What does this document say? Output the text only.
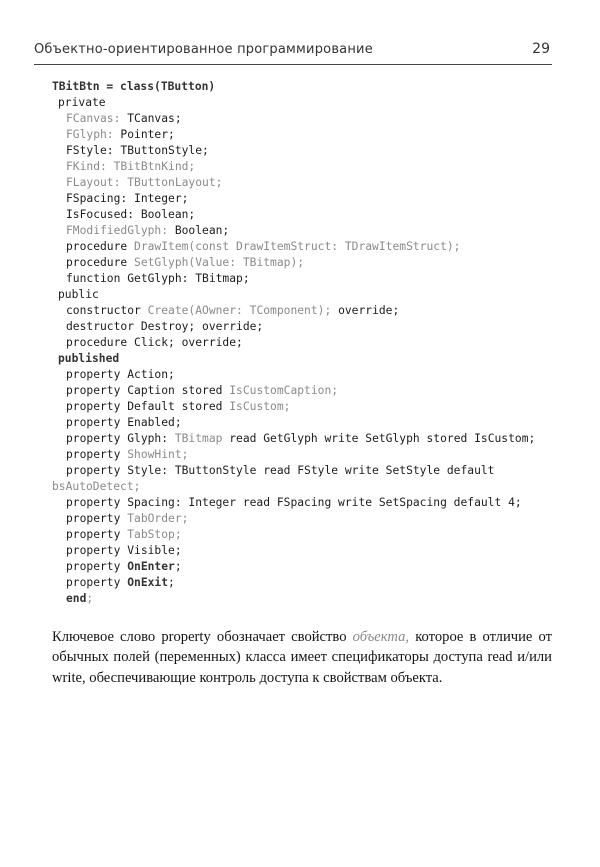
Объектно-ориентированное программирование	29
TBitBtn = class(TButton)
private
FCanvas: TCanvas;
FGlyph: Pointer;
FStyle: TButtonStyle;
FKind: TBitBtnKind;
FLayout: TButtonLayout;
FSpacing: Integer;
IsFocused: Boolean;
FModifiedGlyph: Boolean;
procedure DrawItem(const DrawItemStruct: TDrawItemStruct);
procedure SetGlyph(Value: TBitmap);
function GetGlyph: TBitmap;
public
constructor Create(AOwner: TComponent); override;
destructor Destroy; override;
procedure Click; override;
published
property Action;
property Caption stored IsCustomCaption;
property Default stored IsCustom;
property Enabled;
property Glyph: TBitmap read GetGlyph write SetGlyph stored IsCustom;
property ShowHint;
property Style: TButtonStyle read FStyle write SetStyle default
bsAutoDetect;
property Spacing: Integer read FSpacing write SetSpacing default 4;
property TabOrder;
property TabStop;
property Visible;
property OnEnter;
property OnExit;
end;

Ключевое слово property обозначает свойство объекта, которое в отличие от обычных полей (переменных) класса имеет спецификаторы доступа read и/или write, обеспечивающие контроль доступа к свойствам объекта.
